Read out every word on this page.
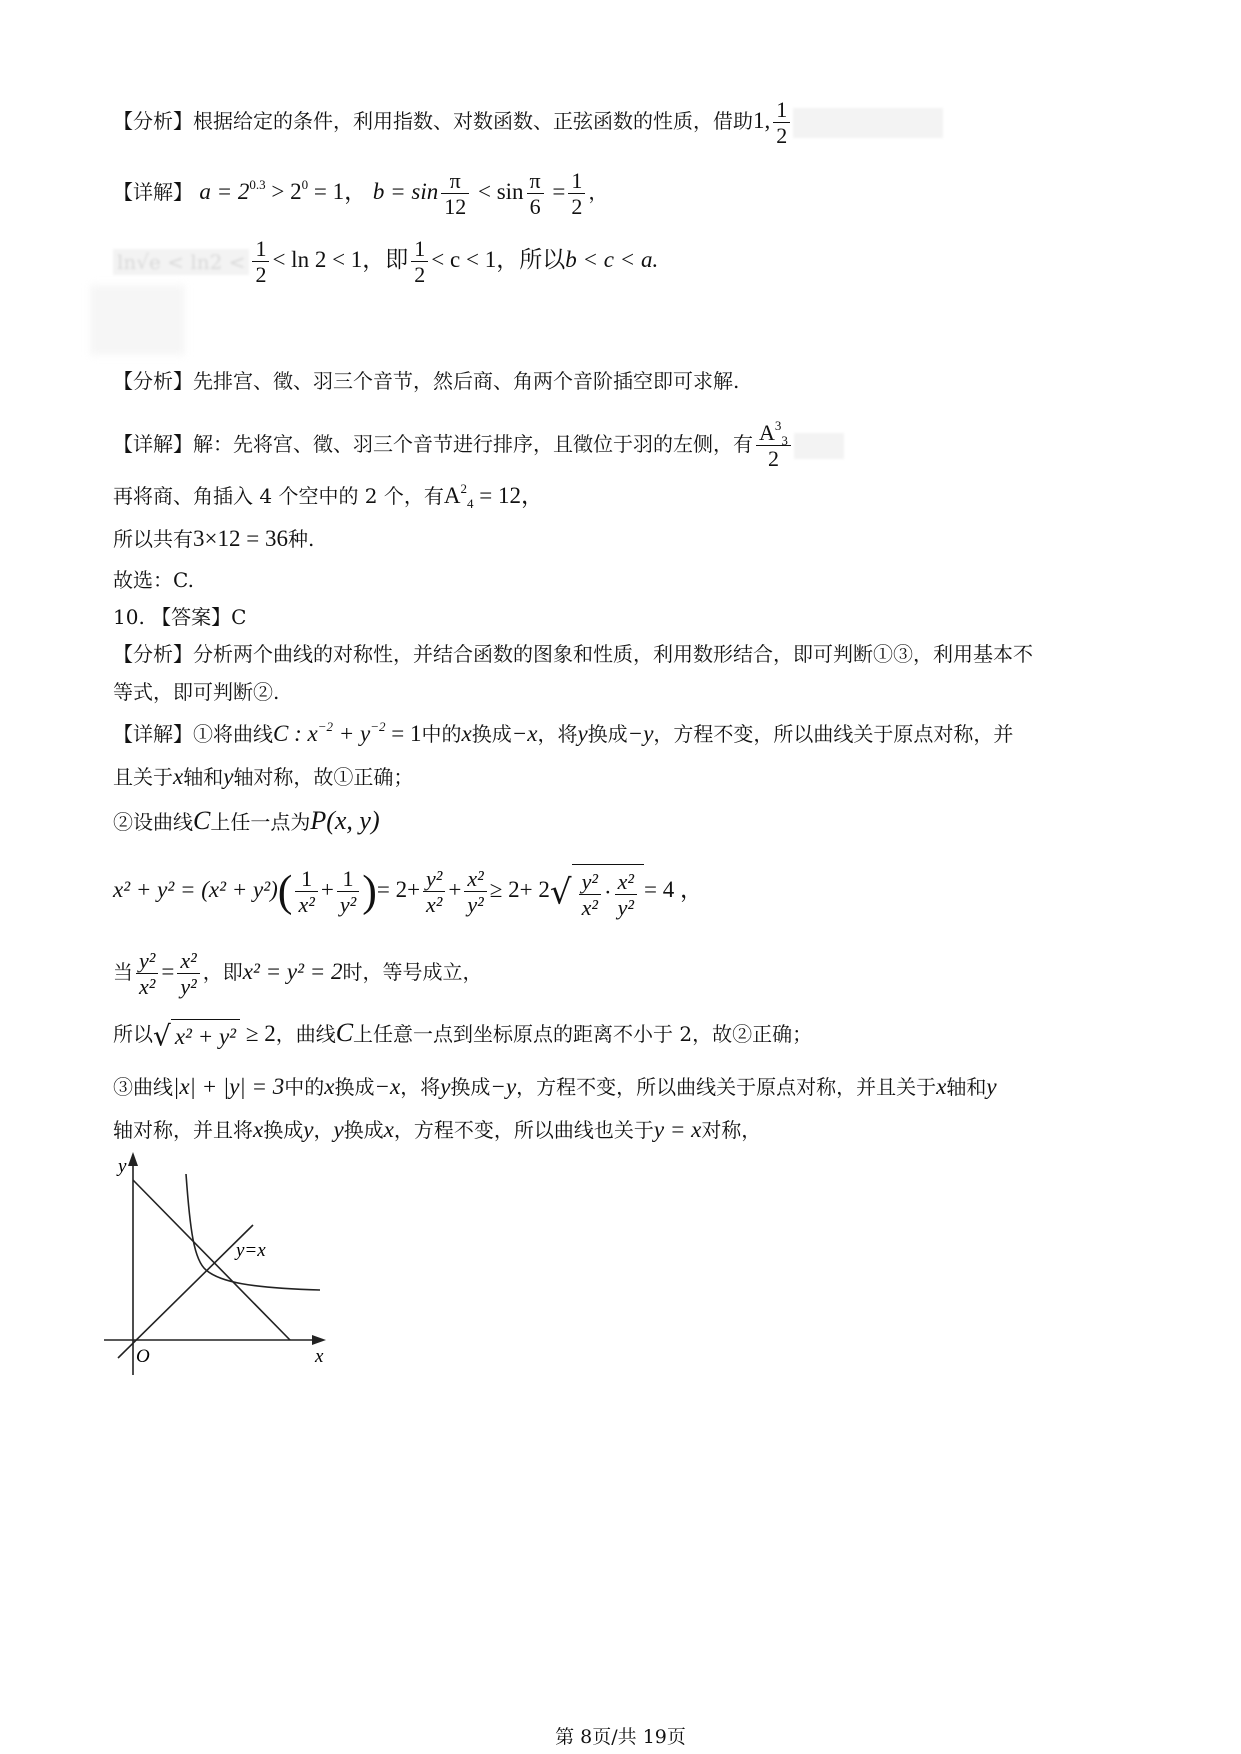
【分析】根据给定的条件，利用指数、对数函数、正弦函数的性质，借助1, $\frac{1}{2}$
【详解】 $a = 2^{0.3} > 2^0 = 1$， $b = \sin \frac{\pi}{12} < \sin \frac{\pi}{6} = \frac{1}{2}$ ，
$\ln√e < \ln 2 < \frac{1}{2} < \ln 2 < 1$，即 $\frac{1}{2} < c < 1$，所以b < c < a.
【分析】先排宫、徵、羽三个音节，然后商、角两个音阶插空即可求解.
【详解】解：先将宫、徵、羽三个音节进行排序，且徵位于羽的左侧，有 $\frac{A^3_3}{2}$
再将商、角插入 4 个空中的 2 个，有$A^2_4 = 12$，
所以共有3×12 = 36种.
故选：C.
10. 【答案】C
【分析】分析两个曲线的对称性，并结合函数的图象和性质，利用数形结合，即可判断①③，利用基本不
等式，即可判断②.
【详解】①将曲线C : $x^{-2} + y^{-2} = 1$中的x换成−x，将y换成−y，方程不变，所以曲线关于原点对称，并
且关于x轴和y轴对称，故①正确；
②设曲线C上任一点为P(x, y)
$x^2 + y^2 = (x^2 + y^2)( \frac{1}{\text{x²}} + \frac{1}{\text{y²}}$ )= $2+ \frac{\text{y²}}{\text{x²}} + \frac{\text{x²}}{\text{y²}} \ge 2+ 2√ \frac{\text{y²}}{\text{x²}} \cdot \frac{\text{x²}}{\text{y²}} = 4$ ，
当 $\frac{\text{y²}}{\text{x²}} = \frac{\text{x²}}{\text{y²}}$ ，即x² = y² = 2时，等号成立，
所以√ x² + y² ≥ 2，曲线C上任意一点到坐标原点的距离不小于 2，故②正确；
③曲线|x| + |y| = 3中的x换成−x，将y换成−y，方程不变，所以曲线关于原点对称，并且关于x轴和y
轴对称，并且将x换成y，y换成x，方程不变，所以曲线也关于y = x对称，
y
x
O
y=x
第 8页/共 19页
